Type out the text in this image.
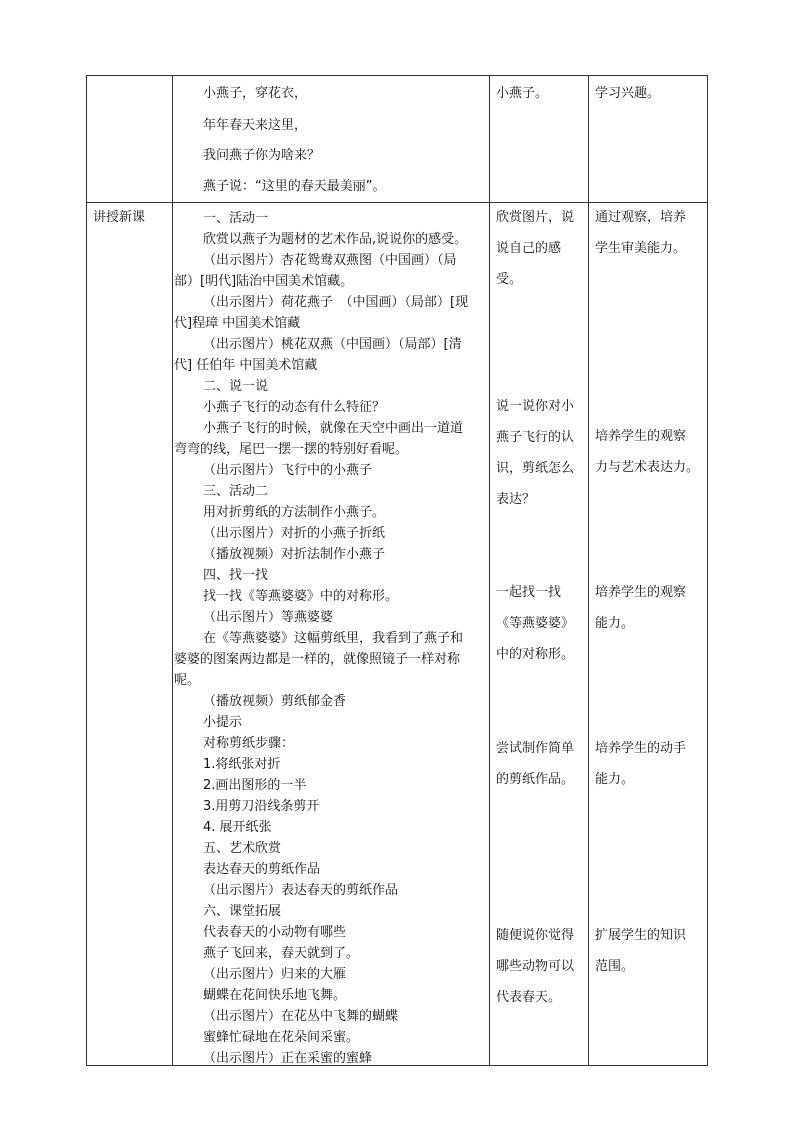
小燕子，穿花衣，
年年春天来这里，
我问燕子你为啥来？
燕子说：“这里的春天最美丽”。
小燕子。	学习兴趣。
讲授新课	一、活动一
欣赏以燕子为题材的艺术作品,说说你的感受。
（出示图片）杏花鸳鸯双燕图（中国画）（局
部）[明代]陆治中国美术馆藏。
（出示图片）荷花燕子　（中国画）（局部）[现
代]程璋 中国美术馆藏
（出示图片）桃花双燕（中国画）（局部）[清
代] 任伯年 中国美术馆藏
二、说一说
小燕子飞行的动态有什么特征？
小燕子飞行的时候，就像在天空中画出一道道
弯弯的线，尾巴一摆一摆的特别好看呢。
（出示图片）飞行中的小燕子
三、活动二
用对折剪纸的方法制作小燕子。
（出示图片）对折的小燕子折纸
（播放视频）对折法制作小燕子
四、找一找
找一找《等燕婆婆》中的对称形。
（出示图片）等燕婆婆
在《等燕婆婆》这幅剪纸里，我看到了燕子和
婆婆的图案两边都是一样的，就像照镜子一样对称
呢。
（播放视频）剪纸郁金香
小提示
对称剪纸步骤：
1.将纸张对折
2.画出图形的一半
3.用剪刀沿线条剪开
4. 展开纸张
五、艺术欣赏
表达春天的剪纸作品
（出示图片）表达春天的剪纸作品
六、课堂拓展
代表春天的小动物有哪些
燕子飞回来，春天就到了。
（出示图片）归来的大雁
蝴蝶在花间快乐地飞舞。
（出示图片）在花丛中飞舞的蝴蝶
蜜蜂忙碌地在花朵间采蜜。
（出示图片）正在采蜜的蜜蜂
欣赏图片，说
说自己的感受。
说一说你对小
燕子飞行的认
识，剪纸怎么
表达？
一起找一找
《等燕婆婆》
中的对称形。
尝试制作简单
的剪纸作品。
随便说你觉得
哪些动物可以
代表春天。
通过观察，培养
学生审美能力。
培养学生的观察
力与艺术表达力。
培养学生的观察
能力。
培养学生的动手
能力。
扩展学生的知识
范围。
